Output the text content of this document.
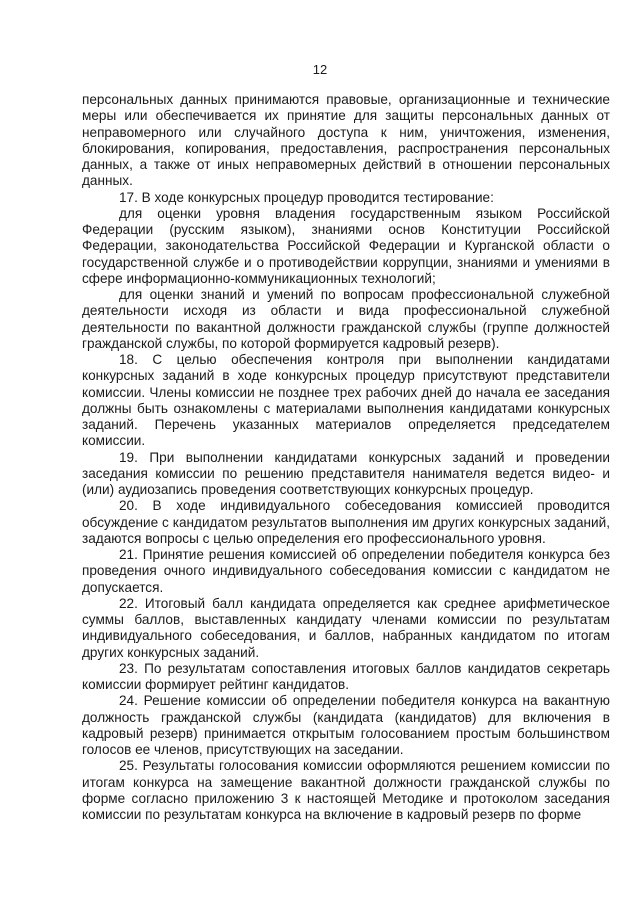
12

персональных данных принимаются правовые, организационные и технические меры или обеспечивается их принятие для защиты персональных данных от неправомерного или случайного доступа к ним, уничтожения, изменения, блокирования, копирования, предоставления, распространения персональных данных, а также от иных неправомерных действий в отношении персональных данных.

17. В ходе конкурсных процедур проводится тестирование:

для оценки уровня владения государственным языком Российской Федерации (русским языком), знаниями основ Конституции Российской Федерации, законодательства Российской Федерации и Курганской области о государственной службе и о противодействии коррупции, знаниями и умениями в сфере информационно-коммуникационных технологий;

для оценки знаний и умений по вопросам профессиональной служебной деятельности исходя из области и вида профессиональной служебной деятельности по вакантной должности гражданской службы (группе должностей гражданской службы, по которой формируется кадровый резерв).

18. С целью обеспечения контроля при выполнении кандидатами конкурсных заданий в ходе конкурсных процедур присутствуют представители комиссии. Члены комиссии не позднее трех рабочих дней до начала ее заседания должны быть ознакомлены с материалами выполнения кандидатами конкурсных заданий. Перечень указанных материалов определяется председателем комиссии.

19. При выполнении кандидатами конкурсных заданий и проведении заседания комиссии по решению представителя нанимателя ведется видео- и (или) аудиозапись проведения соответствующих конкурсных процедур.

20. В ходе индивидуального собеседования комиссией проводится обсуждение с кандидатом результатов выполнения им других конкурсных заданий, задаются вопросы с целью определения его профессионального уровня.

21. Принятие решения комиссией об определении победителя конкурса без проведения очного индивидуального собеседования комиссии с кандидатом не допускается.

22. Итоговый балл кандидата определяется как среднее арифметическое суммы баллов, выставленных кандидату членами комиссии по результатам индивидуального собеседования, и баллов, набранных кандидатом по итогам других конкурсных заданий.

23. По результатам сопоставления итоговых баллов кандидатов секретарь комиссии формирует рейтинг кандидатов.

24. Решение комиссии об определении победителя конкурса на вакантную должность гражданской службы (кандидата (кандидатов) для включения в кадровый резерв) принимается открытым голосованием простым большинством голосов ее членов, присутствующих на заседании.

25. Результаты голосования комиссии оформляются решением комиссии по итогам конкурса на замещение вакантной должности гражданской службы по форме согласно приложению 3 к настоящей Методике и протоколом заседания комиссии по результатам конкурса на включение в кадровый резерв по форме
